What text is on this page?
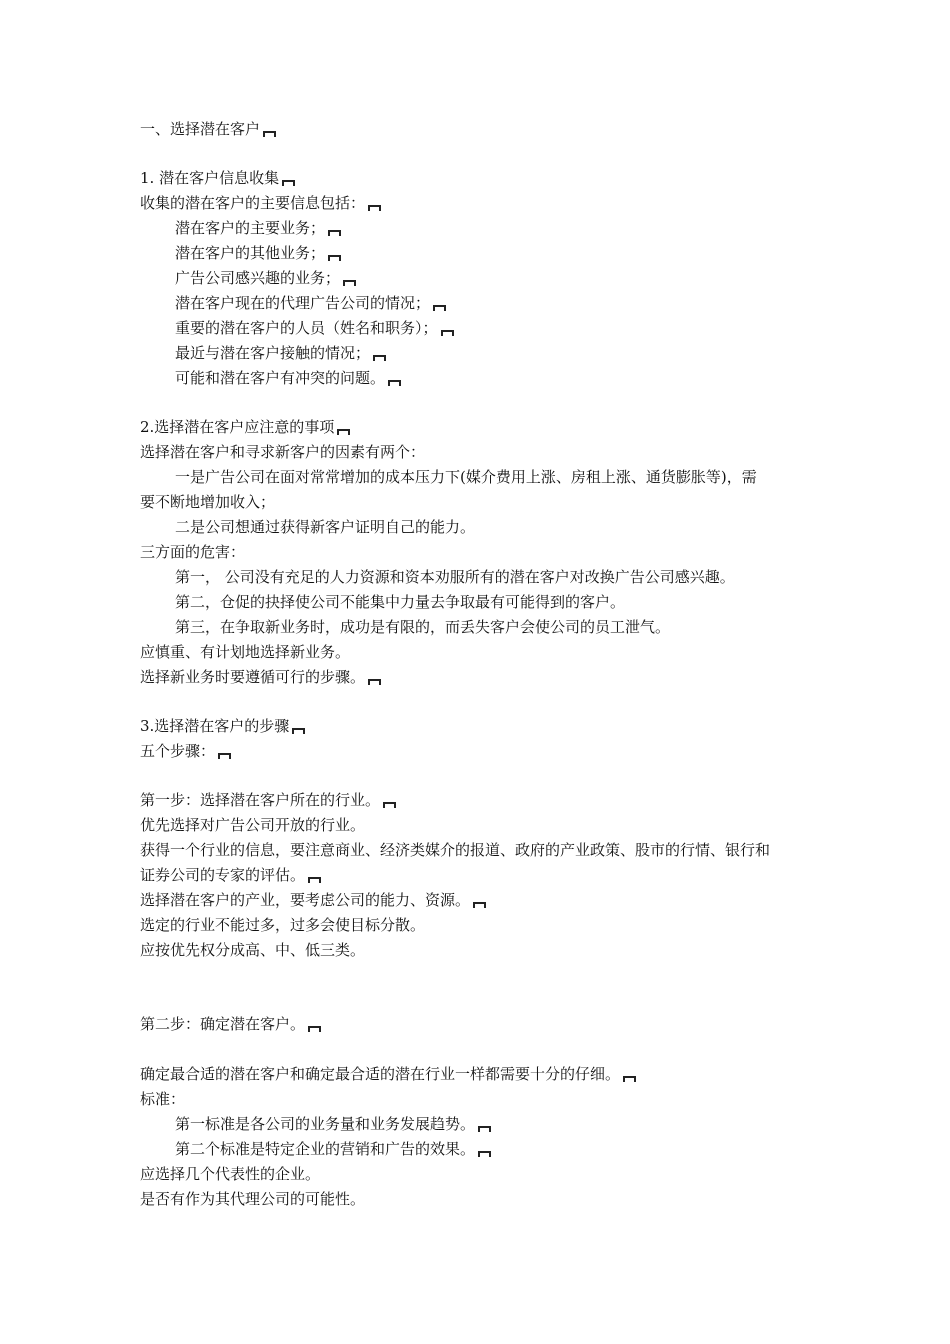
一、选择潜在客户
1. 潜在客户信息收集
收集的潜在客户的主要信息包括：
潜在客户的主要业务；
潜在客户的其他业务；
广告公司感兴趣的业务；
潜在客户现在的代理广告公司的情况；
重要的潜在客户的人员（姓名和职务）；
最近与潜在客户接触的情况；
可能和潜在客户有冲突的问题。
2.选择潜在客户应注意的事项
选择潜在客户和寻求新客户的因素有两个：
一是广告公司在面对常常增加的成本压力下(媒介费用上涨、房租上涨、通货膨胀等)，需
要不断地增加收入；
二是公司想通过获得新客户证明自己的能力。
三方面的危害：
第一， 公司没有充足的人力资源和资本劝服所有的潜在客户对改换广告公司感兴趣。
第二，仓促的抉择使公司不能集中力量去争取最有可能得到的客户。
第三，在争取新业务时，成功是有限的，而丢失客户会使公司的员工泄气。
应慎重、有计划地选择新业务。
选择新业务时要遵循可行的步骤。
3.选择潜在客户的步骤
五个步骤：
第一步：选择潜在客户所在的行业。
优先选择对广告公司开放的行业。
获得一个行业的信息，要注意商业、经济类媒介的报道、政府的产业政策、股市的行情、银行和
证券公司的专家的评估。
选择潜在客户的产业，要考虑公司的能力、资源。
选定的行业不能过多，过多会使目标分散。
应按优先权分成高、中、低三类。
第二步：确定潜在客户。
确定最合适的潜在客户和确定最合适的潜在行业一样都需要十分的仔细。
标准：
第一标准是各公司的业务量和业务发展趋势。
第二个标准是特定企业的营销和广告的效果。
应选择几个代表性的企业。
是否有作为其代理公司的可能性。
